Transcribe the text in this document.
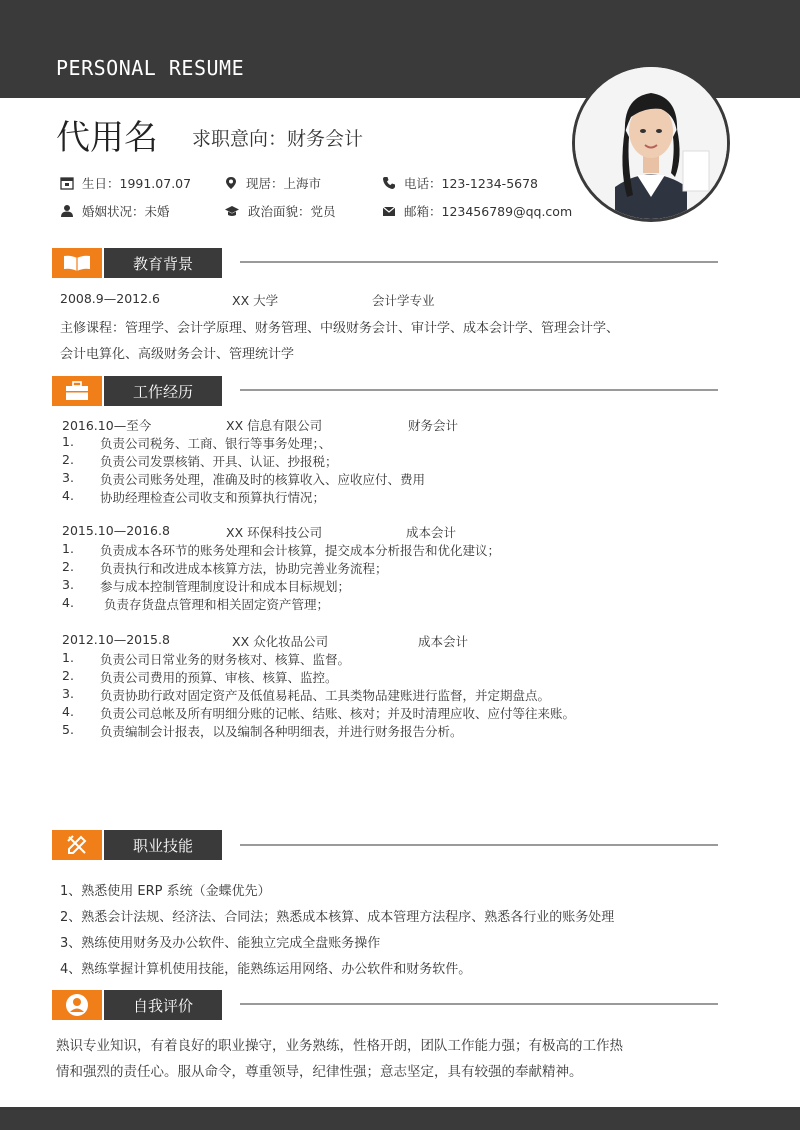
PERSONAL RESUME
代用名 求职意向：财务会计
生日：1991.07.07	现居：上海市	电话：123-1234-5678
婚姻状况：未婚	政治面貌：党员	邮箱：123456789@qq.com
教育背景
2008.9—2012.6	XX 大学	会计学专业
主修课程：管理学、会计学原理、财务管理、中级财务会计、审计学、成本会计学、管理会计学、
会计电算化、高级财务会计、管理统计学
工作经历
2016.10—至今	XX 信息有限公司	财务会计
1. 负责公司税务、工商、银行等事务处理；、
2. 负责公司发票核销、开具、认证、抄报税；
3. 负责公司账务处理，准确及时的核算收入、应收应付、费用
4. 协助经理检查公司收支和预算执行情况；
2015.10—2016.8	XX 环保科技公司	成本会计
1. 负责成本各环节的账务处理和会计核算，提交成本分析报告和优化建议；
2. 负责执行和改进成本核算方法，协助完善业务流程；
3. 参与成本控制管理制度设计和成本目标规划；
4. 负责存货盘点管理和相关固定资产管理；
2012.10—2015.8	XX 众化妆品公司	成本会计
1. 负责公司日常业务的财务核对、核算、监督。
2. 负责公司费用的预算、审核、核算、监控。
3. 负责协助行政对固定资产及低值易耗品、工具类物品建账进行监督，并定期盘点。
4. 负责公司总帐及所有明细分账的记帐、结账、核对；并及时清理应收、应付等往来账。
5. 负责编制会计报表，以及编制各种明细表，并进行财务报告分析。
职业技能
1、熟悉使用 ERP 系统（金蝶优先）
2、熟悉会计法规、经济法、合同法；熟悉成本核算、成本管理方法程序、熟悉各行业的账务处理
3、熟练使用财务及办公软件、能独立完成全盘账务操作
4、熟练掌握计算机使用技能，能熟练运用网络、办公软件和财务软件。
自我评价
熟识专业知识，有着良好的职业操守，业务熟练，性格开朗，团队工作能力强；有极高的工作热
情和强烈的责任心。服从命令，尊重领导，纪律性强；意志坚定，具有较强的奉献精神。
